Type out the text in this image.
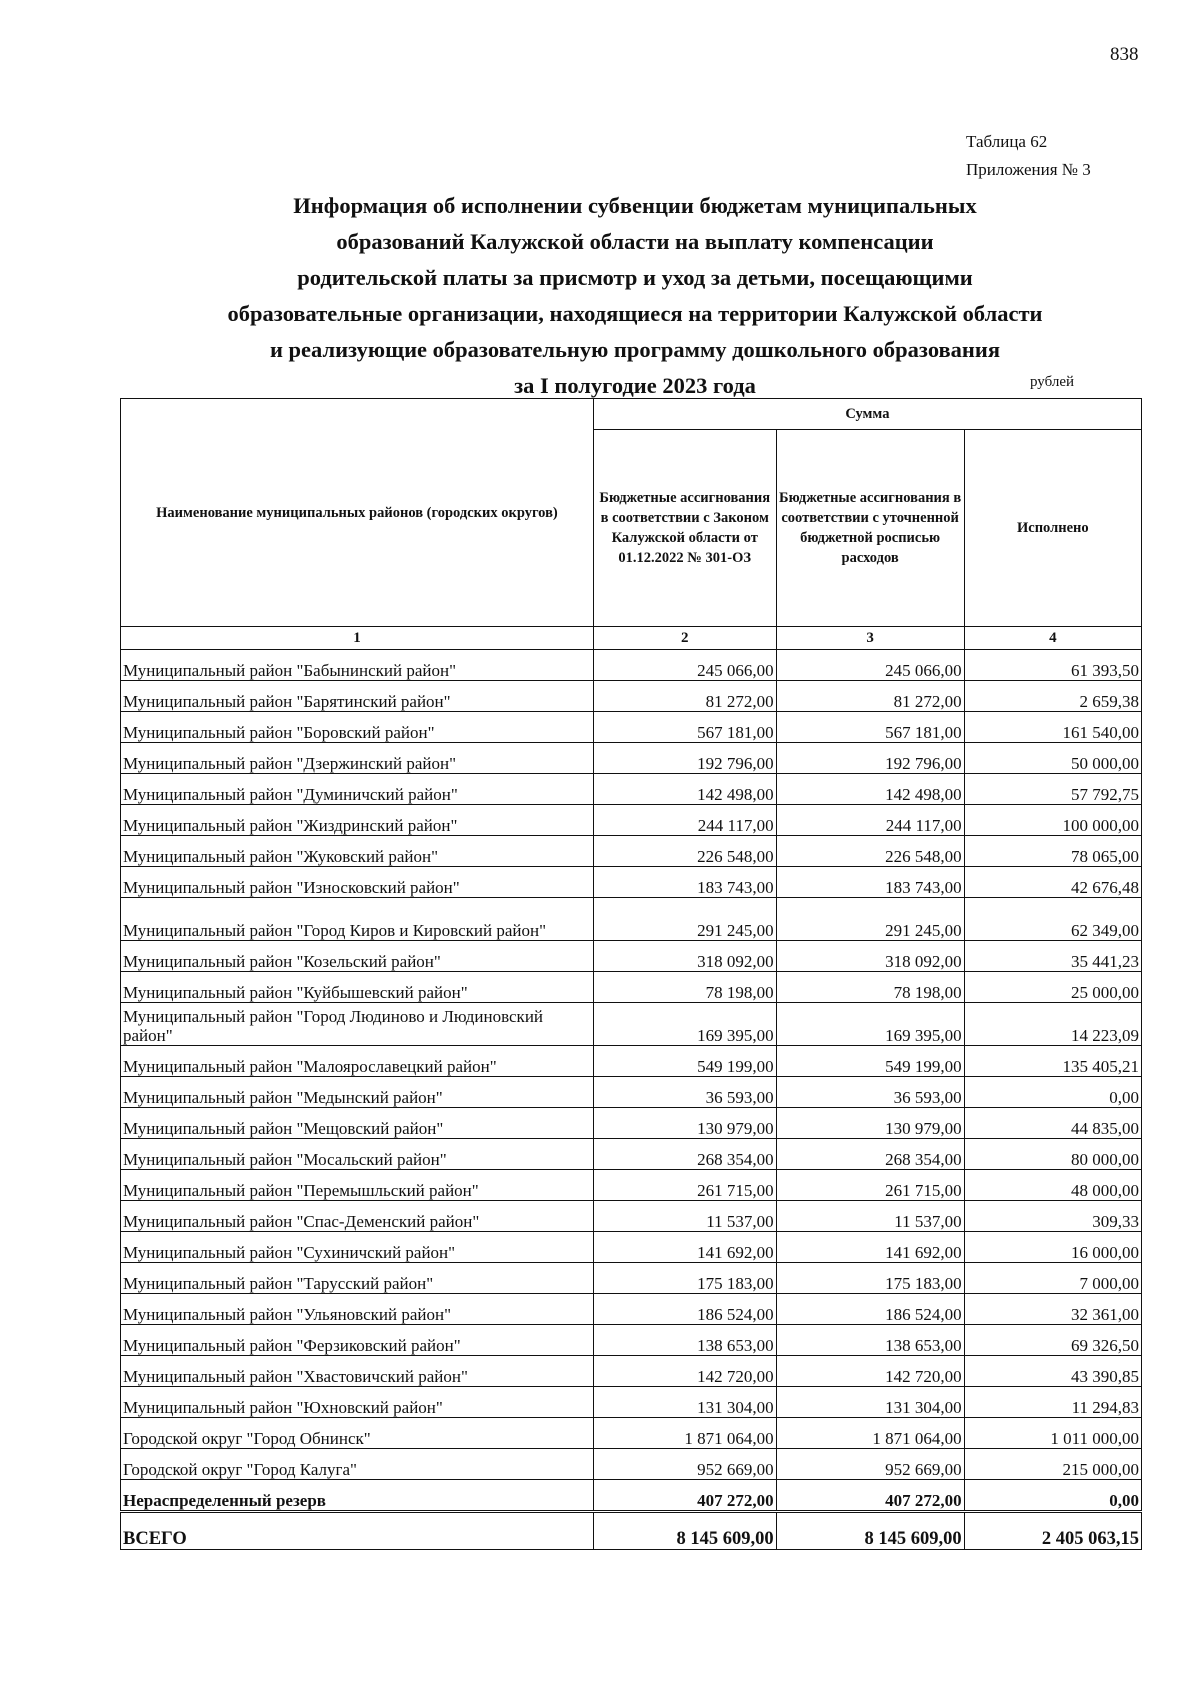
838
Таблица 62
Приложения № 3
Информация об исполнении субвенции бюджетам муниципальных
образований Калужской области на выплату компенсации
родительской платы за присмотр и уход за детьми, посещающими
образовательные организации, находящиеся на территории Калужской области
и реализующие образовательную программу дошкольного образования
за I полугодие 2023 года	рублей
Наименование муниципальных районов (городских округов)	Сумма		
	Бюджетные ассигнования в соответствии с Законом Калужской области от 01.12.2022 № 301-ОЗ	Бюджетные ассигнования в соответствии с уточненной бюджетной росписью расходов	Исполнено
1	2	3	4
Муниципальный район "Бабынинский район"	245 066,00	245 066,00	61 393,50
Муниципальный район "Барятинский район"	81 272,00	81 272,00	2 659,38
Муниципальный район "Боровский район"	567 181,00	567 181,00	161 540,00
Муниципальный район "Дзержинский район"	192 796,00	192 796,00	50 000,00
Муниципальный район "Думиничский район"	142 498,00	142 498,00	57 792,75
Муниципальный район "Жиздринский район"	244 117,00	244 117,00	100 000,00
Муниципальный район "Жуковский район"	226 548,00	226 548,00	78 065,00
Муниципальный район "Износковский район"	183 743,00	183 743,00	42 676,48
Муниципальный район "Город Киров и Кировский район"	291 245,00	291 245,00	62 349,00
Муниципальный район "Козельский район"	318 092,00	318 092,00	35 441,23
Муниципальный район "Куйбышевский район"	78 198,00	78 198,00	25 000,00
Муниципальный район "Город Людиново и Людиновский район"	169 395,00	169 395,00	14 223,09
Муниципальный район "Малоярославецкий район"	549 199,00	549 199,00	135 405,21
Муниципальный район "Медынский район"	36 593,00	36 593,00	0,00
Муниципальный район "Мещовский район"	130 979,00	130 979,00	44 835,00
Муниципальный район "Мосальский район"	268 354,00	268 354,00	80 000,00
Муниципальный район "Перемышльский район"	261 715,00	261 715,00	48 000,00
Муниципальный район "Спас-Деменский район"	11 537,00	11 537,00	309,33
Муниципальный район "Сухиничский район"	141 692,00	141 692,00	16 000,00
Муниципальный район "Тарусский район"	175 183,00	175 183,00	7 000,00
Муниципальный район "Ульяновский район"	186 524,00	186 524,00	32 361,00
Муниципальный район "Ферзиковский район"	138 653,00	138 653,00	69 326,50
Муниципальный район "Хвастовичский район"	142 720,00	142 720,00	43 390,85
Муниципальный район "Юхновский район"	131 304,00	131 304,00	11 294,83
Городской округ "Город Обнинск"	1 871 064,00	1 871 064,00	1 011 000,00
Городской округ "Город Калуга"	952 669,00	952 669,00	215 000,00
Нераспределенный резерв	407 272,00	407 272,00	0,00
ВСЕГО	8 145 609,00	8 145 609,00	2 405 063,15
